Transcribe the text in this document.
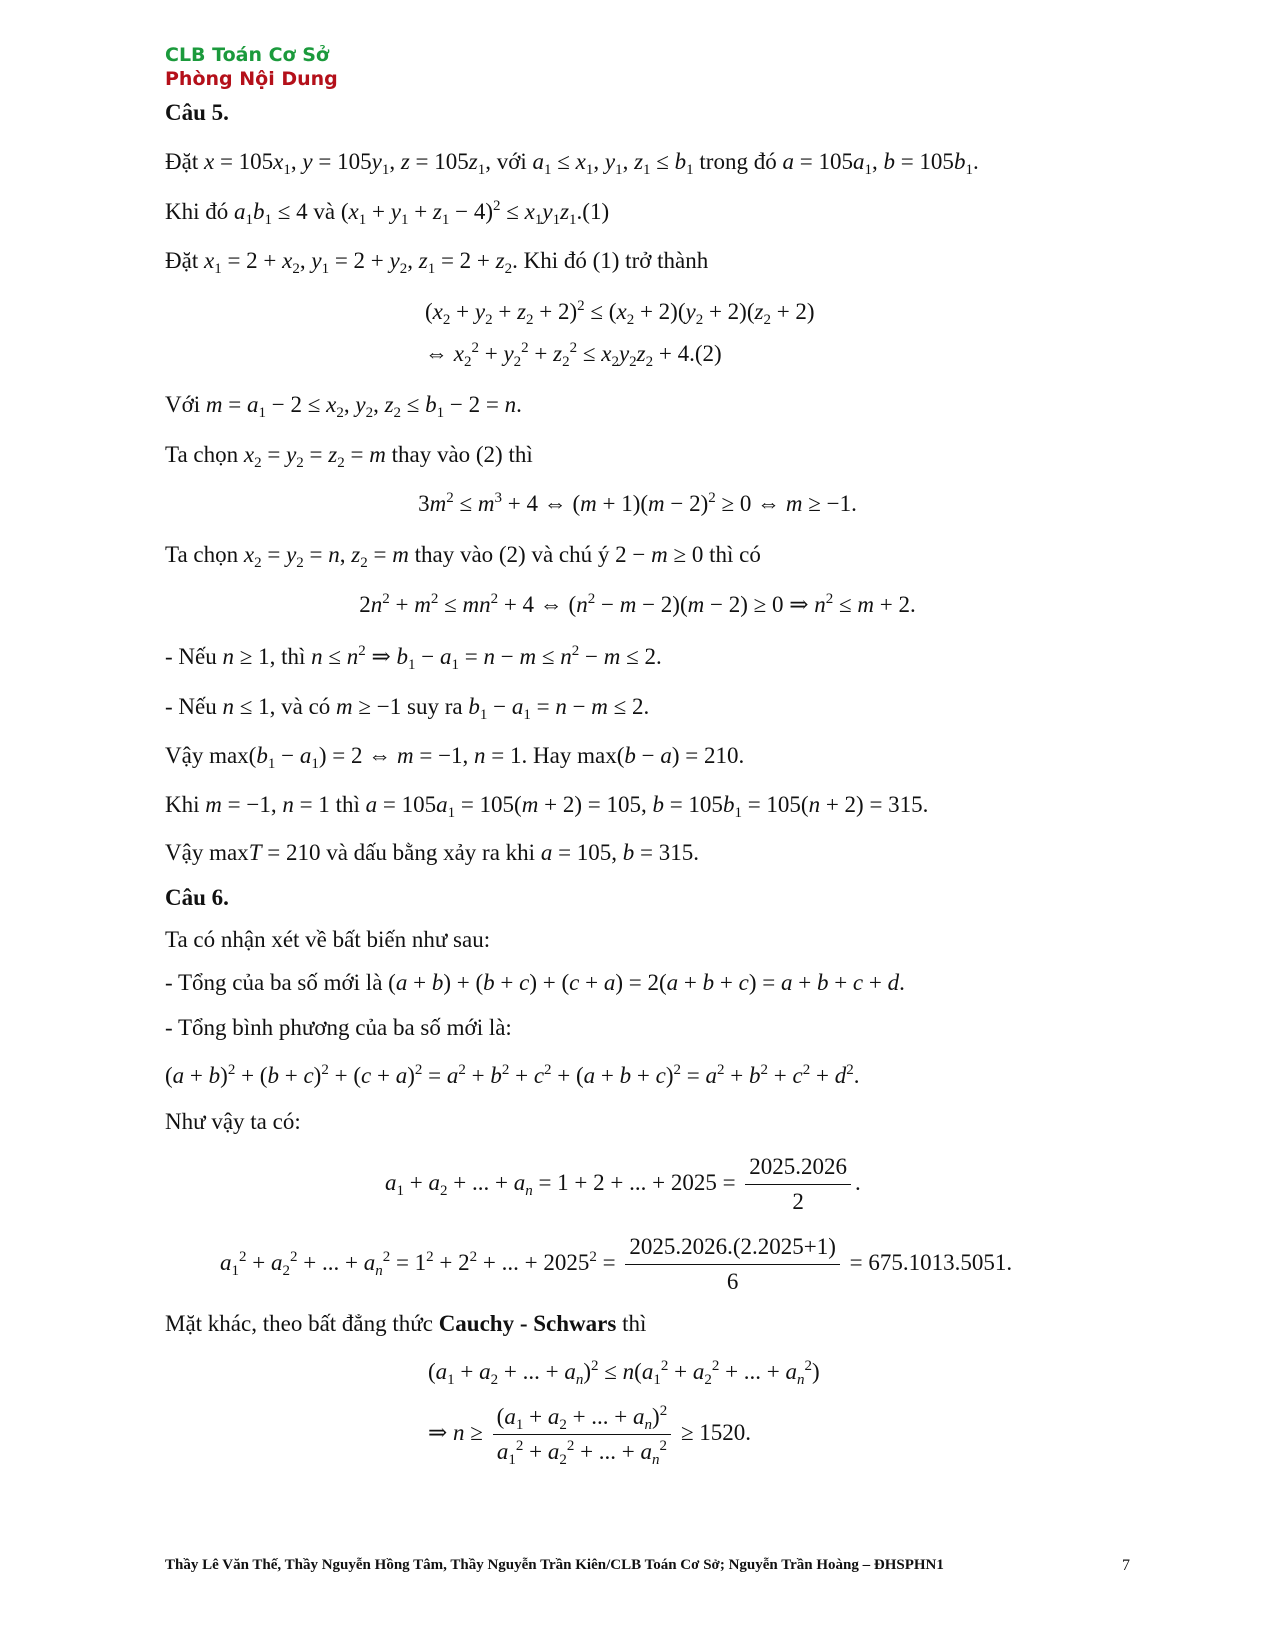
CLB Toán Cơ Sở
Phòng Nội Dung
Câu 5.
Đặt $x = 105x_1$, $y = 105y_1$, $z = 105z_1$, với $a_1 \le x_1$, $y_1$, $z_1 \le b_1$ trong đó $a = 105a_1$, $b = 105b_1$.
Khi đó $a_1b_1 \le 4$ và $(x_1 + y_1 + z_1 - 4)^2 \le x_1y_1z_1.(1)$
Đặt $x_1 = 2 + x_2$, $y_1 = 2 + y_2$, $z_1 = 2 + z_2$. Khi đó (1) trở thành
$(x_2 + y_2 + z_2 + 2)^2 \le (x_2 + 2)(y_2 + 2)(z_2 + 2)$
⇔ $x_2^2 + y_2^2 + z_2^2 \le x_2y_2z_2 + 4.(2)$
Với $m = a_1 - 2 \le x_2$, $y_2$, $z_2 \le b_1 - 2 = n$.
Ta chọn $x_2 = y_2 = z_2 = m$ thay vào (2) thì
$3m^2 \le m^3 + 4$ ⇔ $(m + 1)(m - 2)^2 \ge 0$ ⇔ m ≥ −1.
Ta chọn $x_2 = y_2 = n$, $z_2 = m$ thay vào (2) và chú ý 2 − m ≥ 0 thì có
$2n^2 + m^2 \le mn^2 + 4$ ⇔ $(n^2 - m - 2)(m - 2) \ge 0$ ⇒ $n^2 \le m + 2$.
- Nếu n ≥ 1, thì $n \le n^2$ ⇒ $b_1 - a_1 = n - m \le n^2 - m \le 2$.
- Nếu n ≤ 1, và có m ≥ −1 suy ra $b_1 - a_1 = n - m \le 2$.
Vậy $\max(b_1 - a_1) = 2$ ⇔ m = −1, n = 1. Hay max(b − a) = 210.
Khi m = −1, n = 1 thì $a = 105a_1 = 105(m + 2) = 105$, $b = 105b_1 = 105(n + 2) = 315$.
Vậy maxT = 210 và dấu bằng xảy ra khi a = 105, b = 315.
Câu 6.
Ta có nhận xét về bất biến như sau:
- Tổng của ba số mới là (a + b) + (b + c) + (c + a) = 2(a + b + c) = a + b + c + d.
- Tổng bình phương của ba số mới là:
$(a + b)^2 + (b + c)^2 + (c + a)^2 = a^2 + b^2 + c^2 + (a + b + c)^2 = a^2 + b^2 + c^2 + d^2$.
Như vậy ta có:
$a_1 + a_2$ + ... + $a_n = 1 + 2$ + ... + $2025 = \frac{2025.2026}{2}$ .
$a_1^2 + a_2^2$ + ... + $a_n^2 = 1^2 + 2^2$ + ... + $2025^2 = \frac{2025.2026.(2.2025+1)}{6} = 675.1013.5051$.
Mặt khác, theo bất đẳng thức Cauchy - Schwars thì
($a_1 + a_2$ + ... + $a_n)^2 \le n(a_1^2 + a_2^2$ + ... + $a_n^2$)
⇒ $n \ge \frac{(a_1 + a_2 + ... + a_n)^2}{a_1^2 + a_2^2 + ... + a_n^2} \ge 1520$.
Thầy Lê Văn Thế, Thầy Nguyễn Hồng Tâm, Thầy Nguyễn Trần Kiên/CLB Toán Cơ Sở; Nguyễn Trần Hoàng – ĐHSPHN1	7
